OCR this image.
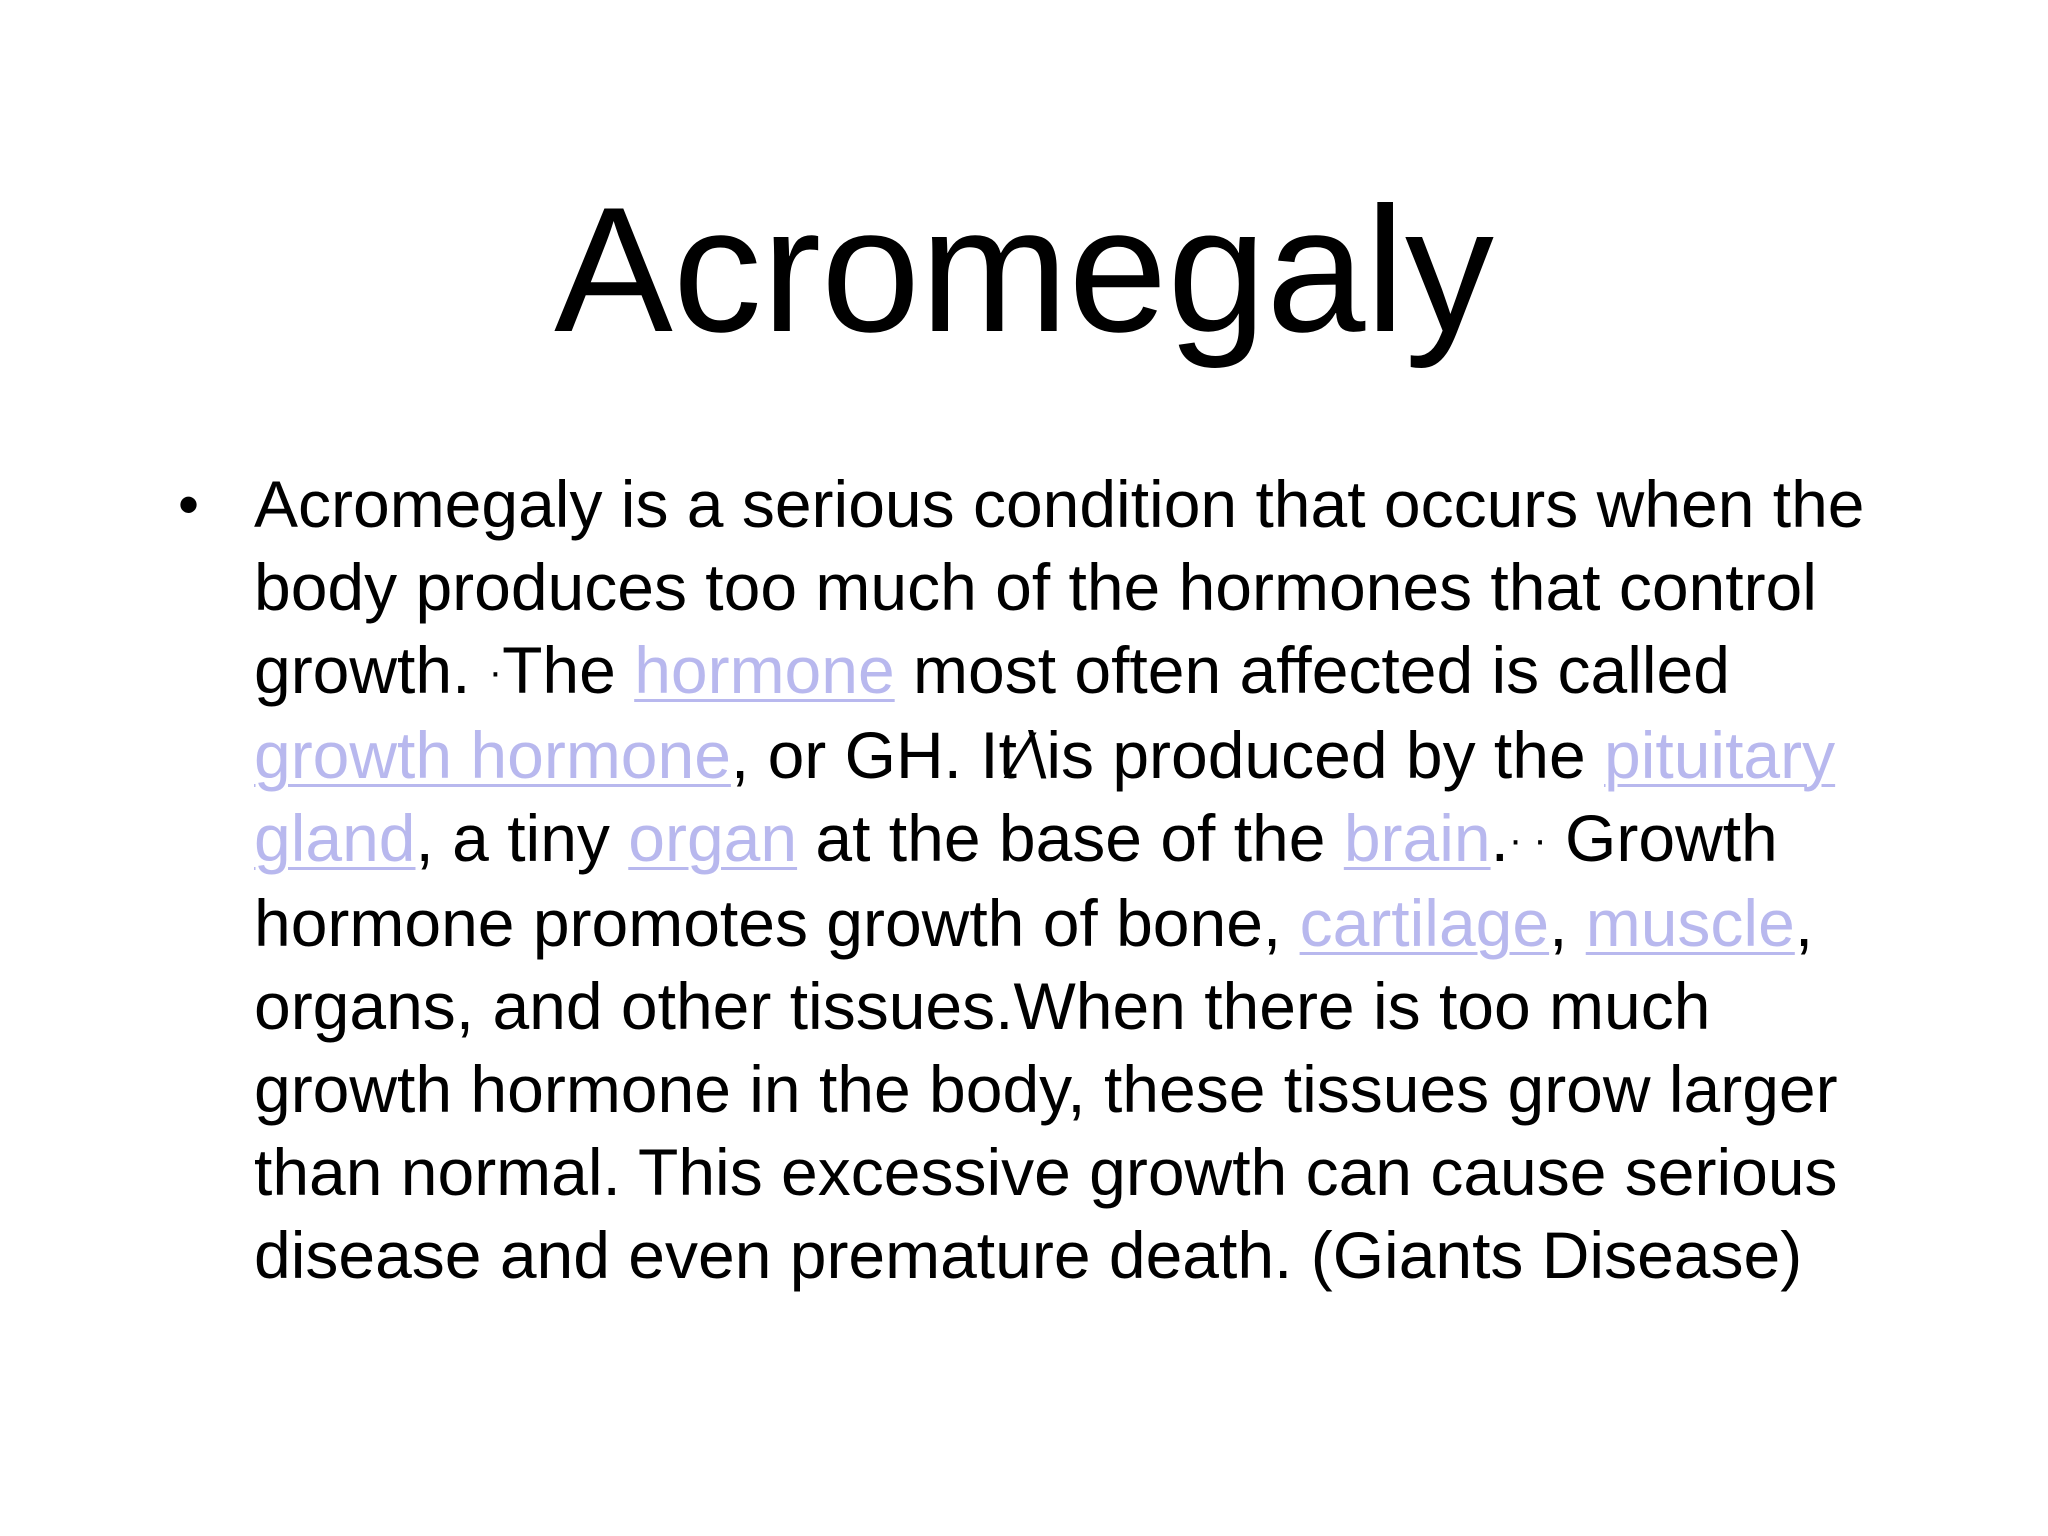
Acromegaly
• Acromegaly is a serious condition that occurs when the body produces too much of the hormones that control growth. ·The hormone most often affected is called growth hormone, or GH. It⁄\is produced by the pituitary gland, a tiny organ at the base of the brain.· · Growth hormone promotes growth of bone, cartilage, muscle, organs, and other tissues.When there is too much growth hormone in the body, these tissues grow larger than normal. This excessive growth can cause serious disease and even premature death. (Giants Disease)
